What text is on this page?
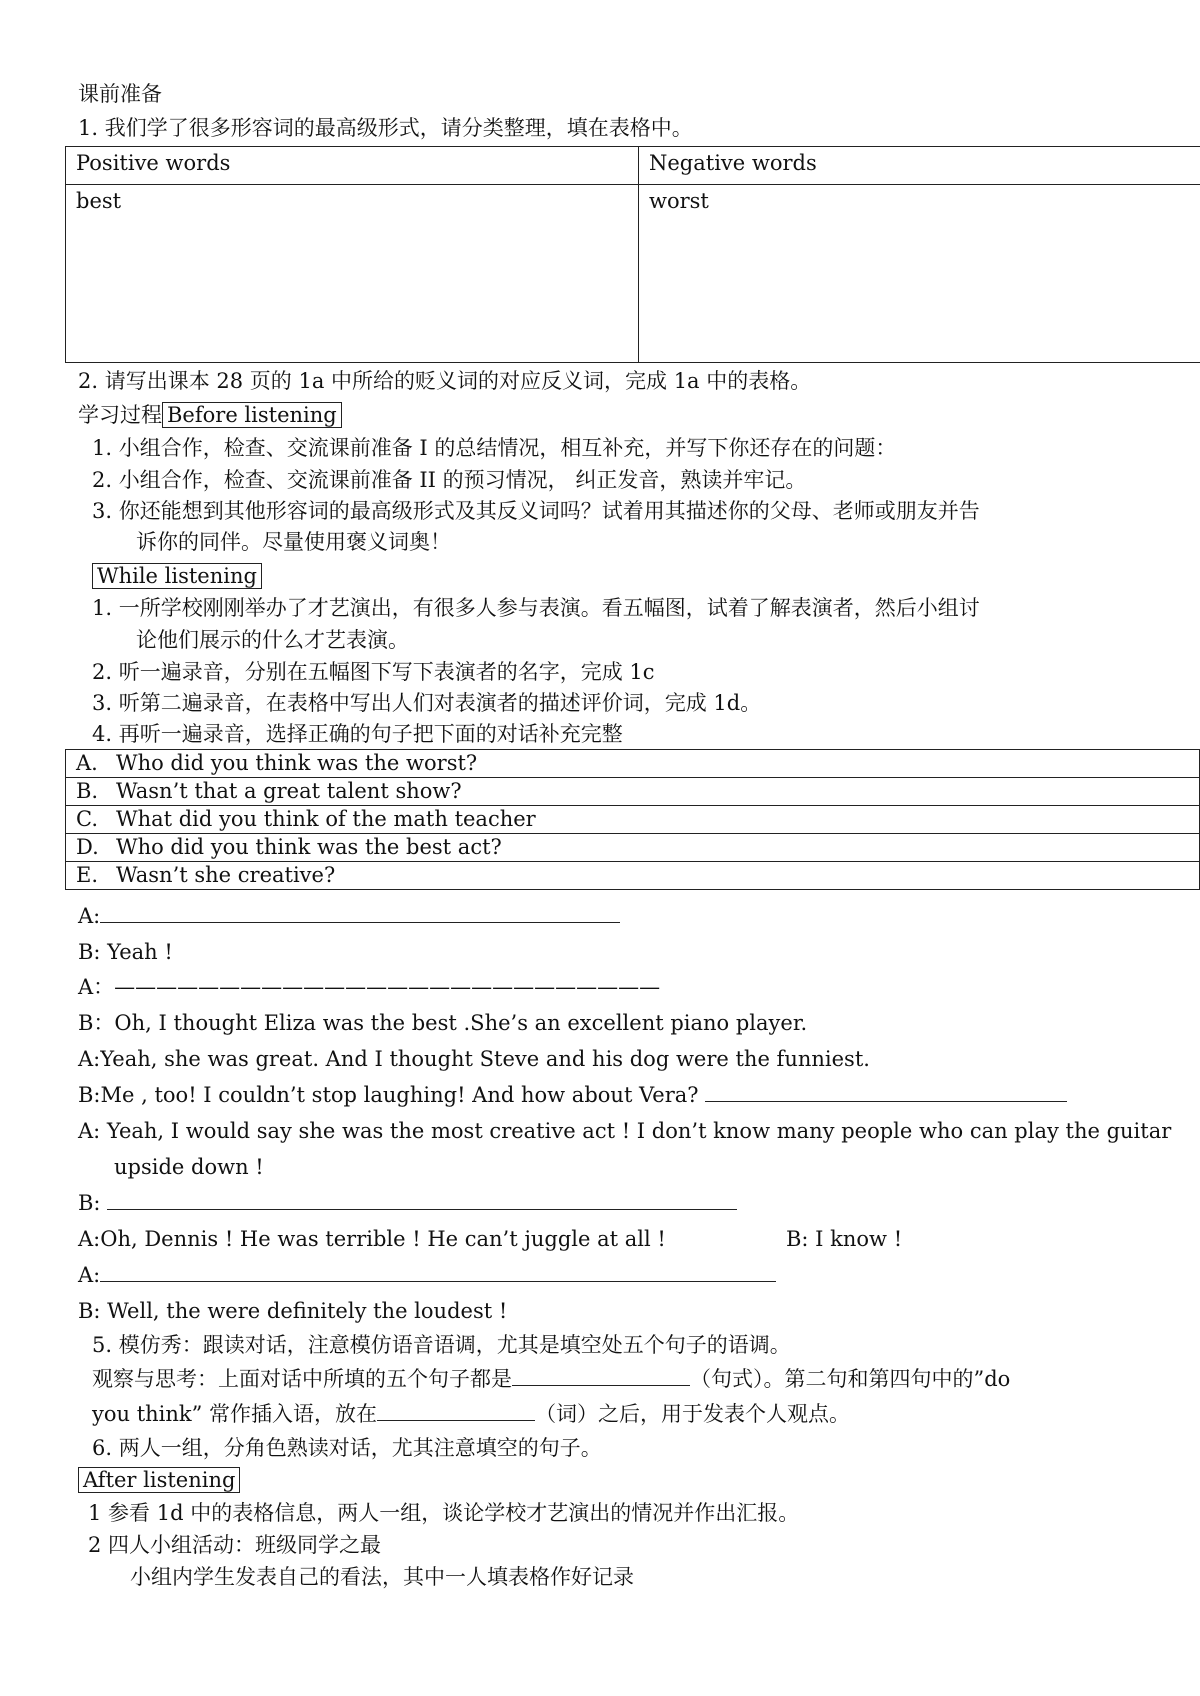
课前准备
1. 我们学了很多形容词的最高级形式，请分类整理，填在表格中。
Positive words	Negative words
best	worst
2. 请写出课本 28 页的 1a 中所给的贬义词的对应反义词，完成 1a 中的表格。
学习过程 Before listening
1. 小组合作，检查、交流课前准备 I 的总结情况，相互补充，并写下你还存在的问题：
2. 小组合作，检查、交流课前准备 II 的预习情况， 纠正发音，熟读并牢记。
3. 你还能想到其他形容词的最高级形式及其反义词吗？试着用其描述你的父母、老师或朋友并告
诉你的同伴。尽量使用褒义词奥！
While listening
1. 一所学校刚刚举办了才艺演出，有很多人参与表演。看五幅图，试着了解表演者，然后小组讨
论他们展示的什么才艺表演。
2. 听一遍录音，分别在五幅图下写下表演者的名字，完成 1c
3. 听第二遍录音，在表格中写出人们对表演者的描述评价词，完成 1d。
4. 再听一遍录音，选择正确的句子把下面的对话补充完整
A. Who did you think was the worst?
B. Wasn’t that a great talent show?
C. What did you think of the math teacher
D. Who did you think was the best act?
E. Wasn’t she creative?
A:
B: Yeah !
A：——————————————————————————
B：Oh, I thought Eliza was the best .She’s an excellent piano player.
A:Yeah, she was great. And I thought Steve and his dog were the funniest.
B:Me , too! I couldn’t stop laughing! And how about Vera?
A: Yeah, I would say she was the most creative act ! I don’t know many people who can play the guitar
upside down !
B:
A:Oh, Dennis ! He was terrible ! He can’t juggle at all !	B: I know !
A:
B: Well, the were definitely the loudest !
5. 模仿秀：跟读对话，注意模仿语音语调，尤其是填空处五个句子的语调。
观察与思考：上面对话中所填的五个句子都是	（句式）。第二句和第四句中的”do
you think” 常作插入语，放在	（词）之后，用于发表个人观点。
6. 两人一组，分角色熟读对话，尤其注意填空的句子。
After listening
1 参看 1d 中的表格信息，两人一组，谈论学校才艺演出的情况并作出汇报。
2 四人小组活动：班级同学之最
小组内学生发表自己的看法，其中一人填表格作好记录
